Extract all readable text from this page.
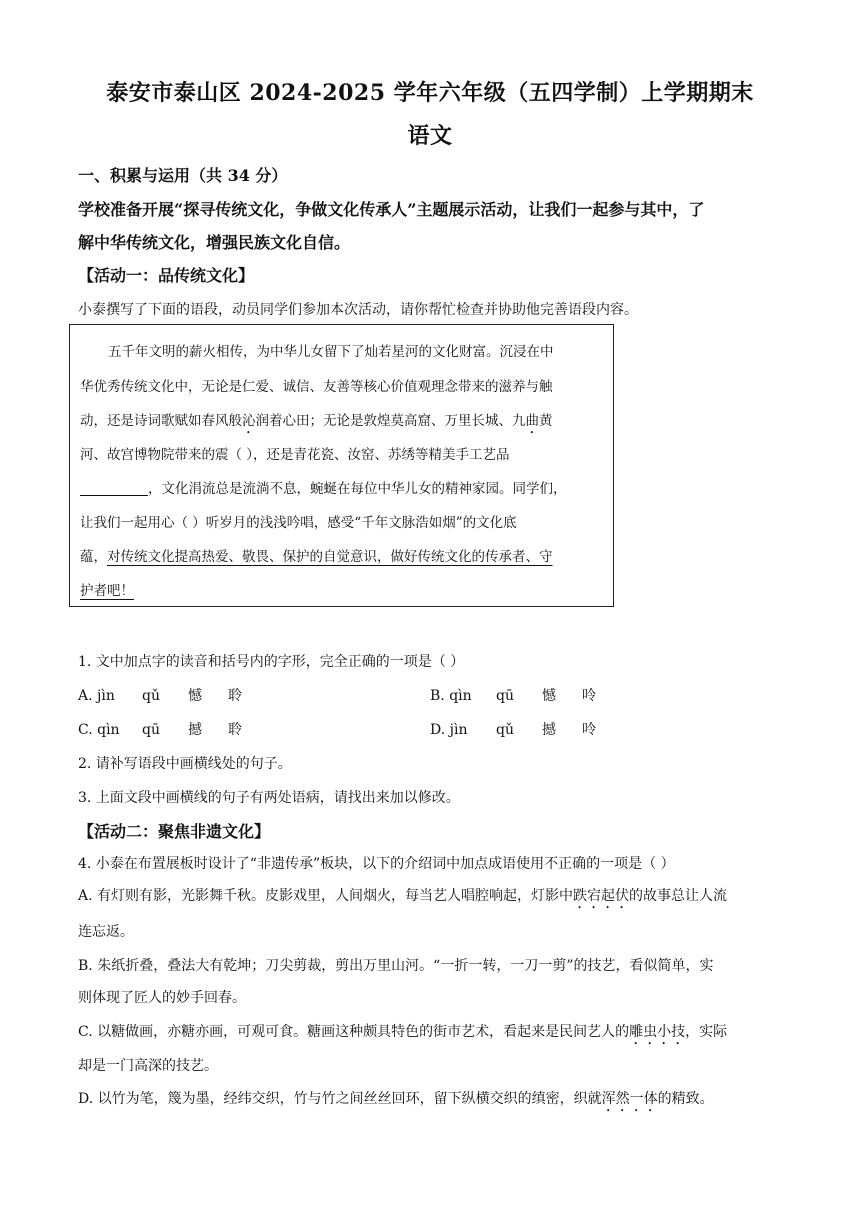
泰安市泰山区 2024-2025 学年六年级（五四学制）上学期期末
语文
一、积累与运用（共 34 分）
学校准备开展“探寻传统文化，争做文化传承人”主题展示活动，让我们一起参与其中，了
解中华传统文化，增强民族文化自信。
【活动一：品传统文化】
小泰撰写了下面的语段，动员同学们参加本次活动，请你帮忙检查并协助他完善语段内容。
五千年文明的薪火相传，为中华儿女留下了灿若星河的文化财富。沉浸在中
华优秀传统文化中，无论是仁爱、诚信、友善等核心价值观理念带来的滋养与触
动，还是诗词歌赋如春风般沁润着心田；无论是敦煌莫高窟、万里长城、九曲黄
河、故宫博物院带来的震（ ），还是青花瓷、汝窑、苏绣等精美手工艺品
，文化涓流总是流淌不息，蜿蜒在每位中华儿女的精神家园。同学们，
让我们一起用心（ ）听岁月的浅浅吟唱，感受“千年文脉浩如烟”的文化底
蕴，对传统文化提高热爱、敬畏、保护的自觉意识，做好传统文化的传承者、守
护者吧！
1. 文中加点字的读音和括号内的字形，完全正确的一项是（ ）
A. jìn qǔ 憾 聆	B. qìn qū 憾 呤
C. qìn qū 撼 聆	D. jìn qǔ 撼 呤
2. 请补写语段中画横线处的句子。
3. 上面文段中画横线的句子有两处语病，请找出来加以修改。
【活动二：聚焦非遗文化】
4. 小泰在布置展板时设计了“非遗传承”板块，以下的介绍词中加点成语使用不正确的一项是（ ）
A. 有灯则有影，光影舞千秋。皮影戏里，人间烟火，每当艺人唱腔响起，灯影中跌宕起伏的故事总让人流
连忘返。
B. 朱纸折叠，叠法大有乾坤；刀尖剪裁，剪出万里山河。“一折一转，一刀一剪”的技艺，看似简单，实
则体现了匠人的妙手回春。
C. 以糖做画，亦糖亦画，可观可食。糖画这种颇具特色的街市艺术，看起来是民间艺人的雕虫小技，实际
却是一门高深的技艺。
D. 以竹为笔，篾为墨，经纬交织，竹与竹之间丝丝回环，留下纵横交织的缜密，织就浑然一体的精致。
